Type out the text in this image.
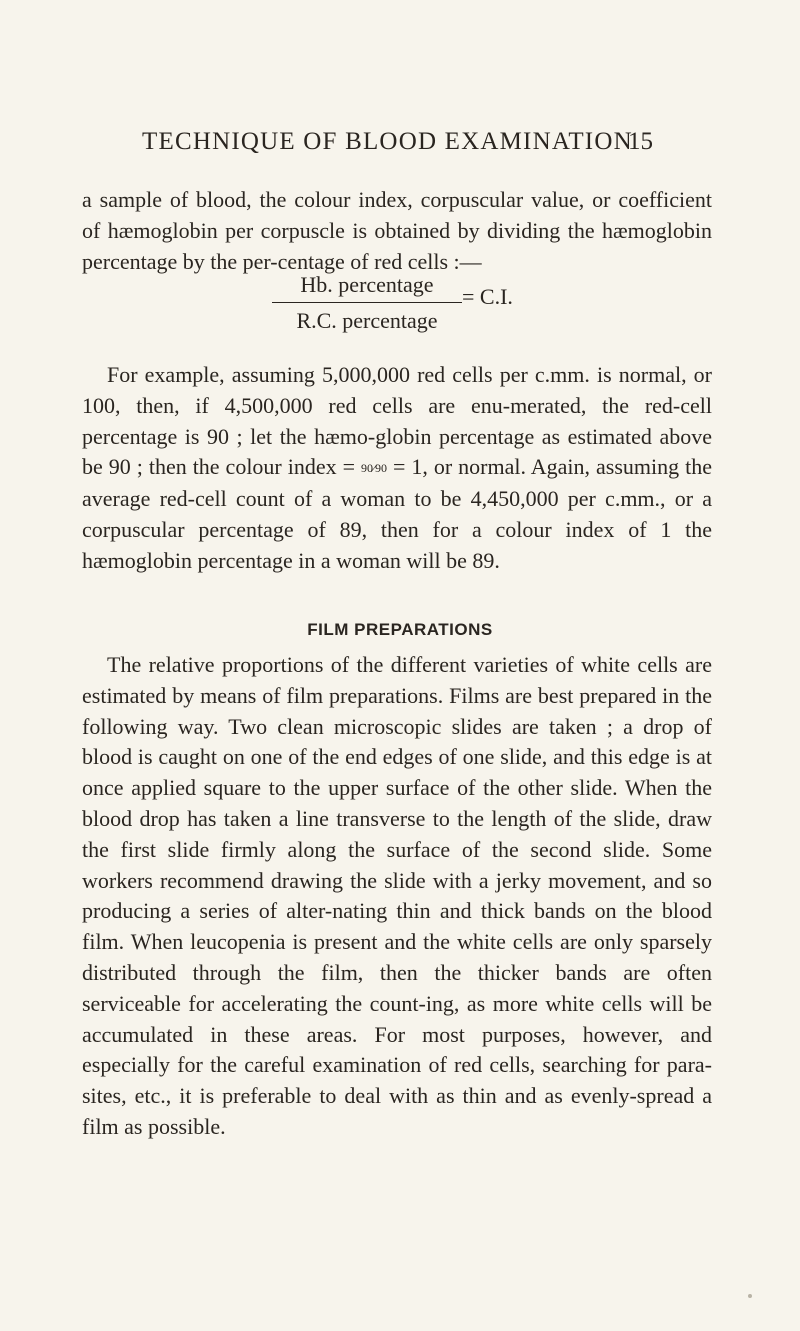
TECHNIQUE OF BLOOD EXAMINATION
15

a sample of blood, the colour index, corpuscular value, or coefficient of hæmoglobin per corpuscle is obtained by dividing the hæmoglobin percentage by the per-centage of red cells :—

Hb. percentage
R.C. percentage
= C.I.

For example, assuming 5,000,000 red cells per c.mm. is normal, or 100, then, if 4,500,000 red cells are enu-merated, the red-cell percentage is 90 ; let the hæmo-globin percentage as estimated above be 90 ; then the colour index = 90⁄90 = 1, or normal. Again, assuming the average red-cell count of a woman to be 4,450,000 per c.mm., or a corpuscular percentage of 89, then for a colour index of 1 the hæmoglobin percentage in a woman will be 89.

FILM PREPARATIONS

The relative proportions of the different varieties of white cells are estimated by means of film preparations. Films are best prepared in the following way. Two clean microscopic slides are taken ; a drop of blood is caught on one of the end edges of one slide, and this edge is at once applied square to the upper surface of the other slide. When the blood drop has taken a line transverse to the length of the slide, draw the first slide firmly along the surface of the second slide. Some workers recommend drawing the slide with a jerky movement, and so producing a series of alter-nating thin and thick bands on the blood film. When leucopenia is present and the white cells are only sparsely distributed through the film, then the thicker bands are often serviceable for accelerating the count-ing, as more white cells will be accumulated in these areas. For most purposes, however, and especially for the careful examination of red cells, searching for para-sites, etc., it is preferable to deal with as thin and as evenly-spread a film as possible.
